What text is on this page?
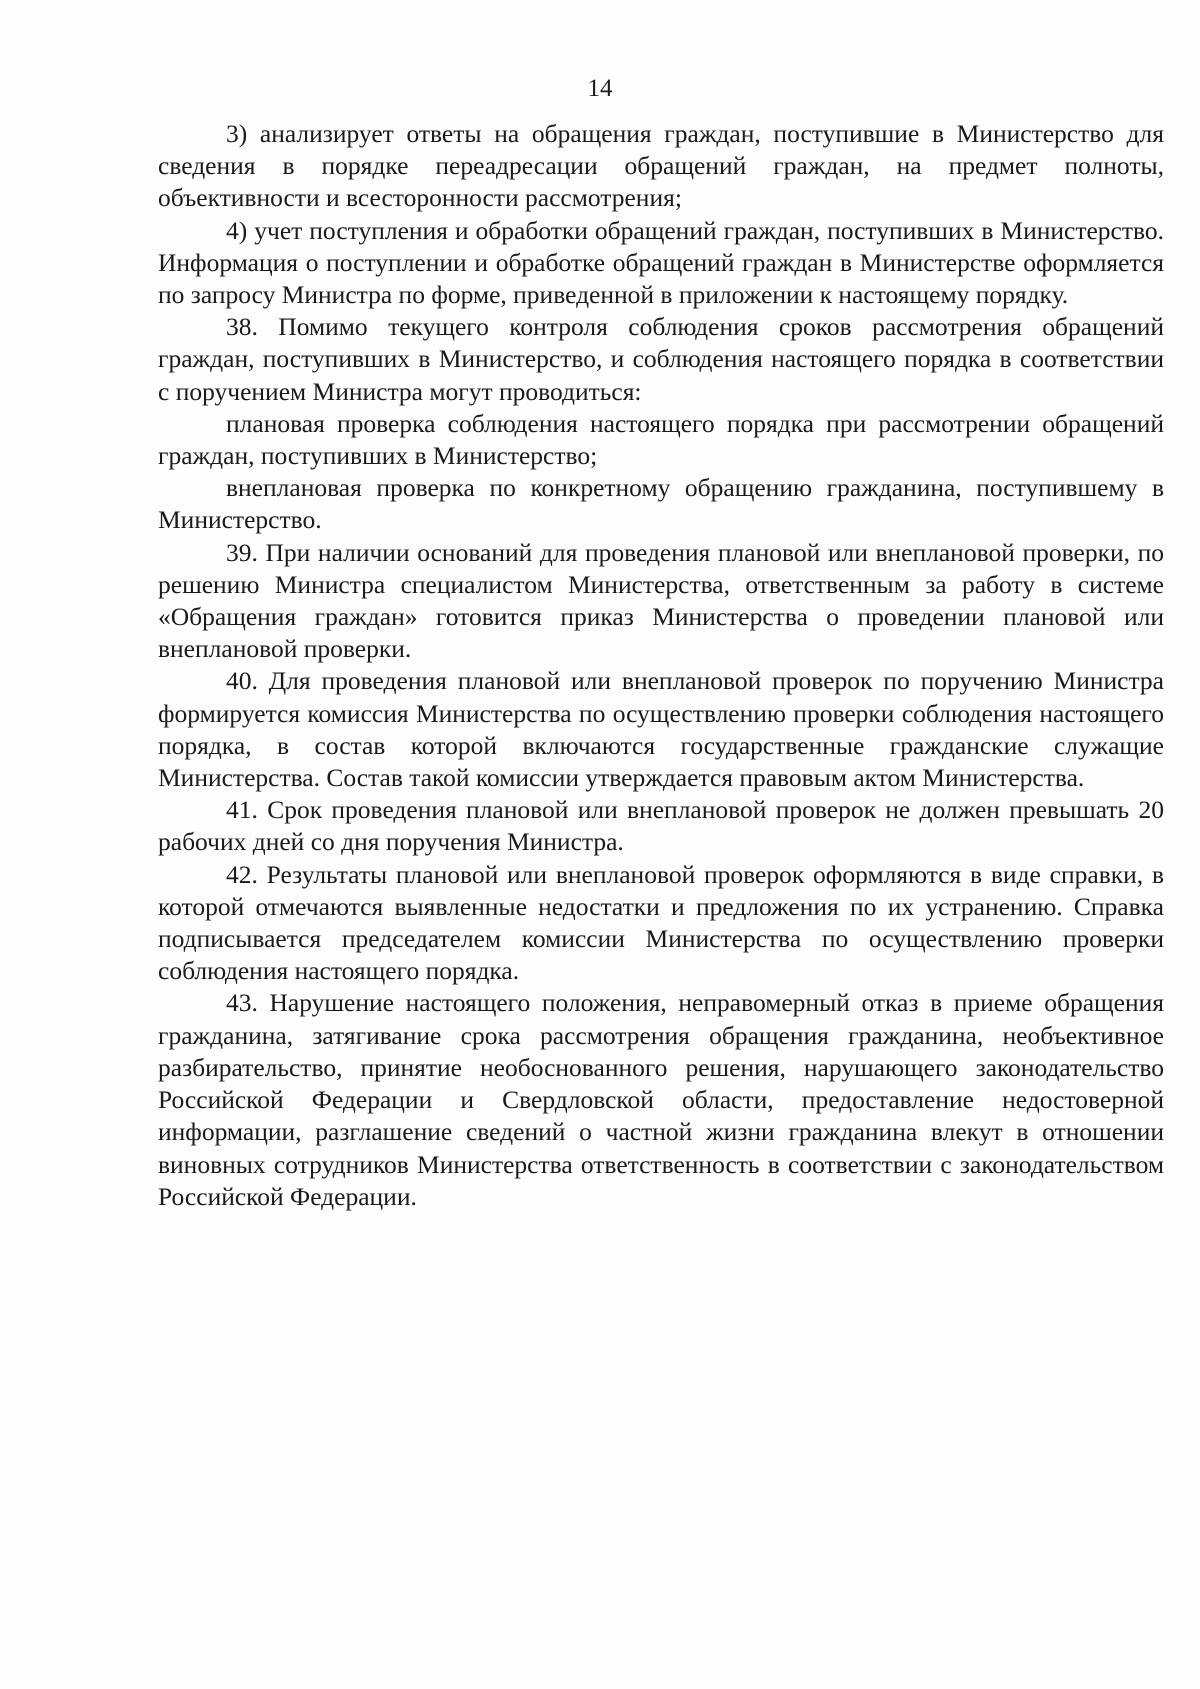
14

3) анализирует ответы на обращения граждан, поступившие в Министерство для сведения в порядке переадресации обращений граждан, на предмет полноты, объективности и всесторонности рассмотрения;

4) учет поступления и обработки обращений граждан, поступивших в Министерство. Информация о поступлении и обработке обращений граждан в Министерстве оформляется по запросу Министра по форме, приведенной в приложении к настоящему порядку.

38. Помимо текущего контроля соблюдения сроков рассмотрения обращений граждан, поступивших в Министерство, и соблюдения настоящего порядка в соответствии с поручением Министра могут проводиться:

плановая проверка соблюдения настоящего порядка при рассмотрении обращений граждан, поступивших в Министерство;

внеплановая проверка по конкретному обращению гражданина, поступившему в Министерство.

39. При наличии оснований для проведения плановой или внеплановой проверки, по решению Министра специалистом Министерства, ответственным за работу в системе «Обращения граждан» готовится приказ Министерства о проведении плановой или внеплановой проверки.

40. Для проведения плановой или внеплановой проверок по поручению Министра формируется комиссия Министерства по осуществлению проверки соблюдения настоящего порядка, в состав которой включаются государственные гражданские служащие Министерства. Состав такой комиссии утверждается правовым актом Министерства.

41. Срок проведения плановой или внеплановой проверок не должен превышать 20 рабочих дней со дня поручения Министра.

42. Результаты плановой или внеплановой проверок оформляются в виде справки, в которой отмечаются выявленные недостатки и предложения по их устранению. Справка подписывается председателем комиссии Министерства по осуществлению проверки соблюдения настоящего порядка.

43. Нарушение настоящего положения, неправомерный отказ в приеме обращения гражданина, затягивание срока рассмотрения обращения гражданина, необъективное разбирательство, принятие необоснованного решения, нарушающего законодательство Российской Федерации и Свердловской области, предоставление недостоверной информации, разглашение сведений о частной жизни гражданина влекут в отношении виновных сотрудников Министерства ответственность в соответствии с законодательством Российской Федерации.
